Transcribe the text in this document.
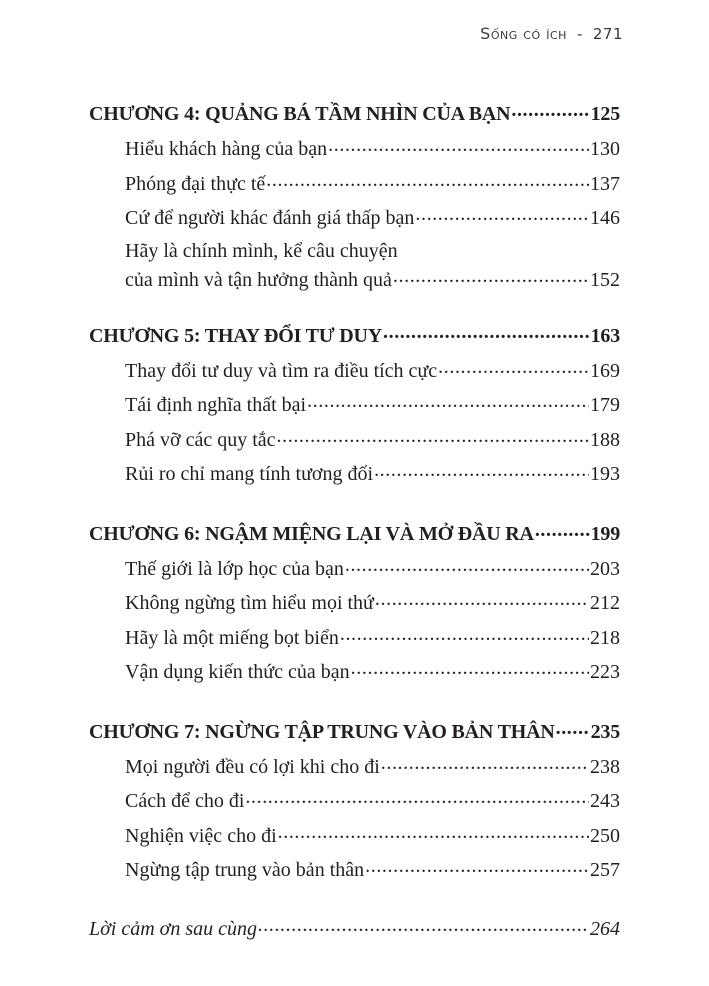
Sống có ích - 271
CHƯƠNG 4: QUẢNG BÁ TẦM NHÌN CỦA BẠN . . .	125
Hiểu khách hàng của bạn . . .	130
Phóng đại thực tế . . .	137
Cứ để người khác đánh giá thấp bạn . . .	146
Hãy là chính mình, kể câu chuyện
của mình và tận hưởng thành quả . . .	152
CHƯƠNG 5: THAY ĐỔI TƯ DUY . . .	163
Thay đổi tư duy và tìm ra điều tích cực . . .	169
Tái định nghĩa thất bại . . .	179
Phá vỡ các quy tắc . . .	188
Rủi ro chỉ mang tính tương đối . . .	193
CHƯƠNG 6: NGẬM MIỆNG LẠI VÀ MỞ ĐẦU RA . . .	199
Thế giới là lớp học của bạn . . .	203
Không ngừng tìm hiểu mọi thứ . . .	212
Hãy là một miếng bọt biển . . .	218
Vận dụng kiến thức của bạn . . .	223
CHƯƠNG 7: NGỪNG TẬP TRUNG VÀO BẢN THÂN . . . 235
Mọi người đều có lợi khi cho đi . . .	238
Cách để cho đi . . .	243
Nghiện việc cho đi . . .	250
Ngừng tập trung vào bản thân . . .	257
Lời cảm ơn sau cùng . . .	264
